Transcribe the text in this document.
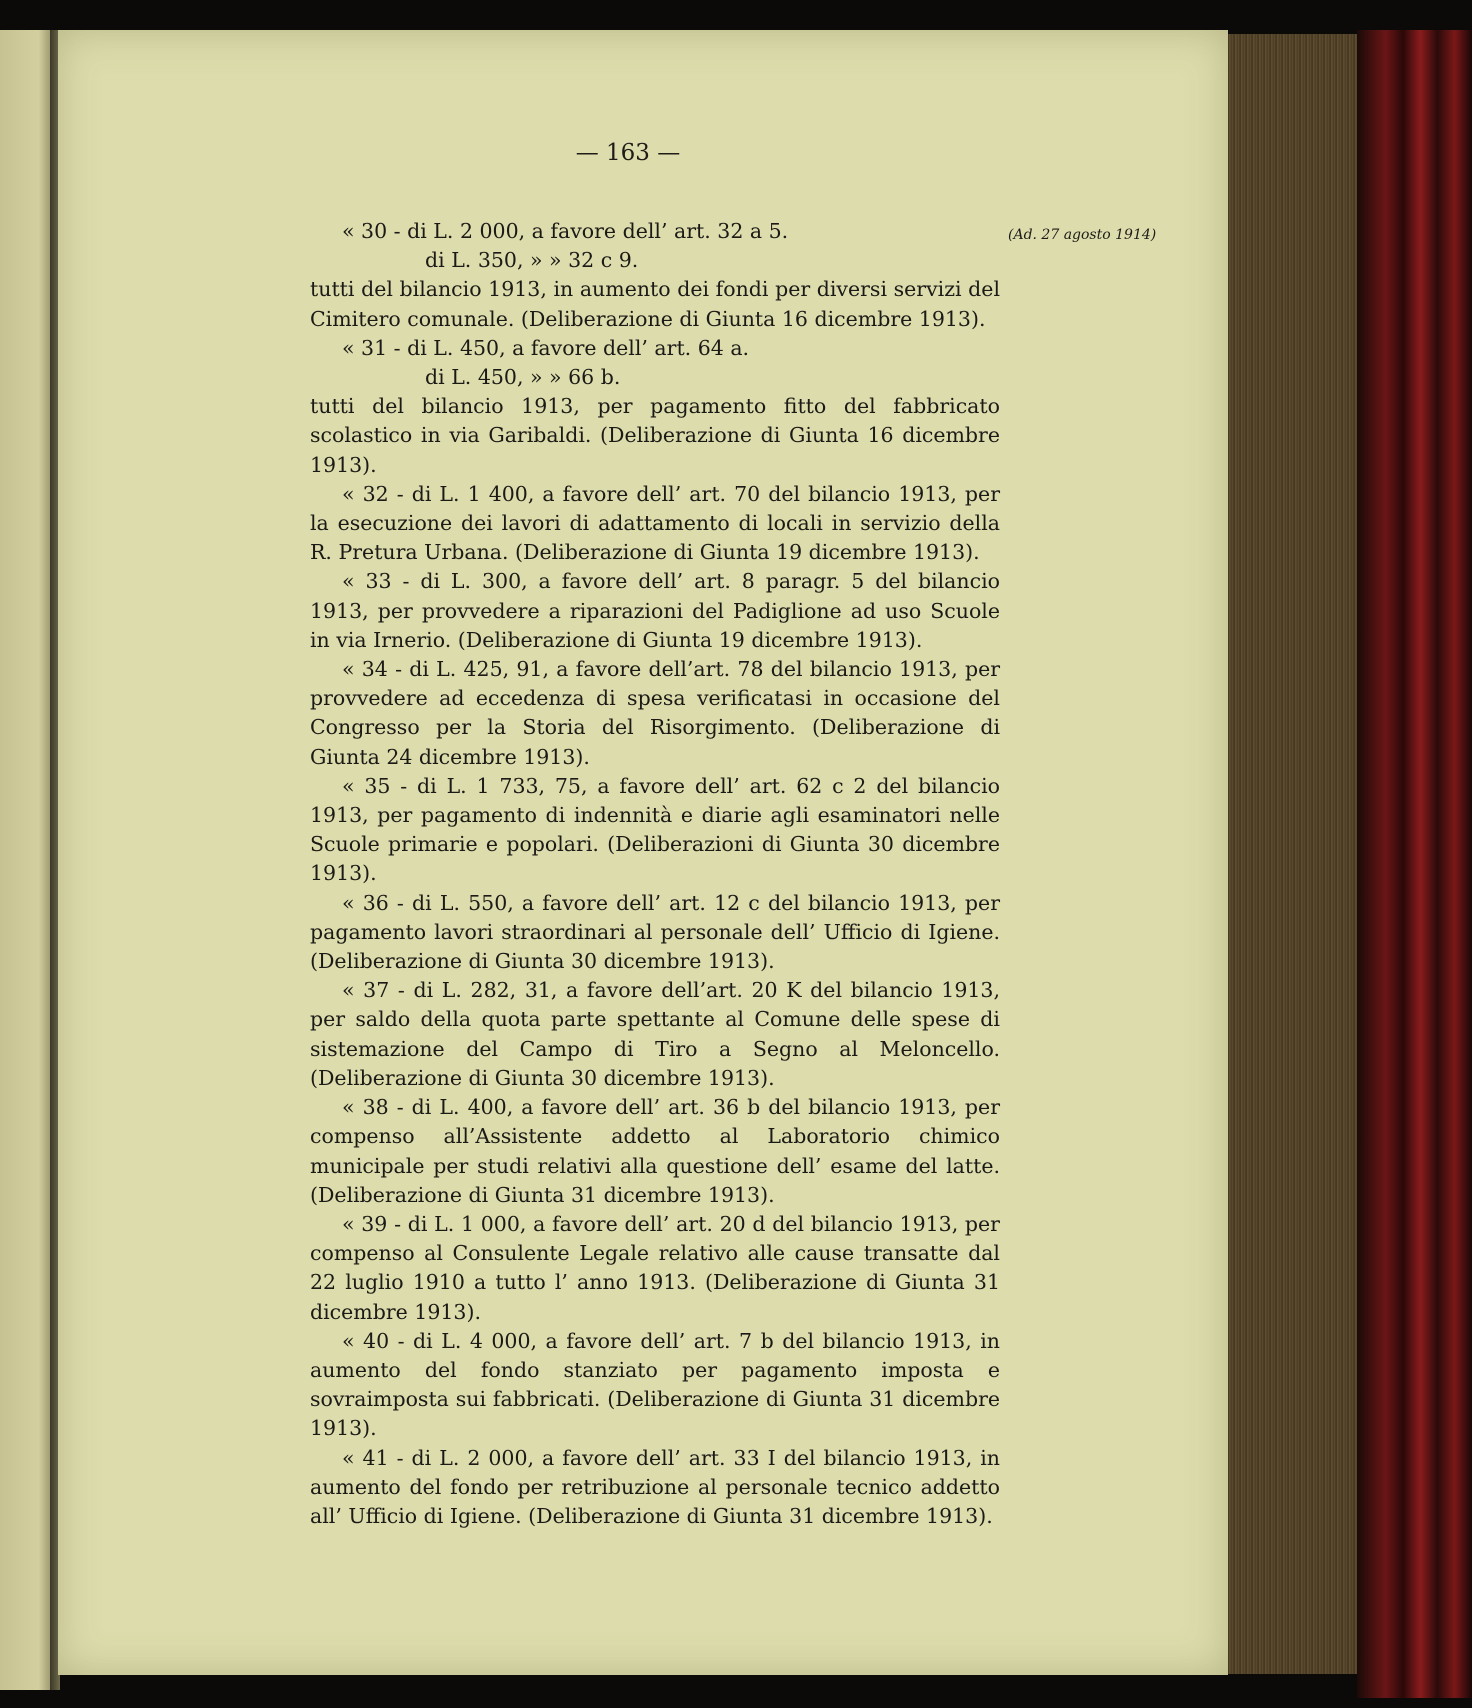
— 163 —
(Ad. 27 agosto 1914)

« 30 - di L. 2 000, a favore dell’ art. 32 a 5.
di L. 350, » » 32 c 9.
tutti del bilancio 1913, in aumento dei fondi per diversi servizi del Cimitero comunale. (Deliberazione di Giunta 16 dicembre 1913).

« 31 - di L. 450, a favore dell’ art. 64 a.
di L. 450, » » 66 b.
tutti del bilancio 1913, per pagamento fitto del fabbricato scolastico in via Garibaldi. (Deliberazione di Giunta 16 dicembre 1913).

« 32 - di L. 1 400, a favore dell’ art. 70 del bilancio 1913, per la esecuzione dei lavori di adattamento di locali in servizio della R. Pretura Urbana. (Deliberazione di Giunta 19 dicembre 1913).

« 33 - di L. 300, a favore dell’ art. 8 paragr. 5 del bilancio 1913, per provvedere a riparazioni del Padiglione ad uso Scuole in via Irnerio. (Deliberazione di Giunta 19 dicembre 1913).

« 34 - di L. 425, 91, a favore dell’art. 78 del bilancio 1913, per provvedere ad eccedenza di spesa verificatasi in occasione del Congresso per la Storia del Risorgimento. (Deliberazione di Giunta 24 dicembre 1913).

« 35 - di L. 1 733, 75, a favore dell’ art. 62 c 2 del bilancio 1913, per pagamento di indennità e diarie agli esaminatori nelle Scuole primarie e popolari. (Deliberazioni di Giunta 30 dicembre 1913).

« 36 - di L. 550, a favore dell’ art. 12 c del bilancio 1913, per pagamento lavori straordinari al personale dell’ Ufficio di Igiene. (Deliberazione di Giunta 30 dicembre 1913).

« 37 - di L. 282, 31, a favore dell’art. 20 K del bilancio 1913, per saldo della quota parte spettante al Comune delle spese di sistemazione del Campo di Tiro a Segno al Meloncello. (Deliberazione di Giunta 30 dicembre 1913).

« 38 - di L. 400, a favore dell’ art. 36 b del bilancio 1913, per compenso all’Assistente addetto al Laboratorio chimico municipale per studi relativi alla questione dell’ esame del latte. (Deliberazione di Giunta 31 dicembre 1913).

« 39 - di L. 1 000, a favore dell’ art. 20 d del bilancio 1913, per compenso al Consulente Legale relativo alle cause transatte dal 22 luglio 1910 a tutto l’ anno 1913. (Deliberazione di Giunta 31 dicembre 1913).

« 40 - di L. 4 000, a favore dell’ art. 7 b del bilancio 1913, in aumento del fondo stanziato per pagamento imposta e sovraimposta sui fabbricati. (Deliberazione di Giunta 31 dicembre 1913).

« 41 - di L. 2 000, a favore dell’ art. 33 I del bilancio 1913, in aumento del fondo per retribuzione al personale tecnico addetto all’ Ufficio di Igiene. (Deliberazione di Giunta 31 dicembre 1913).
